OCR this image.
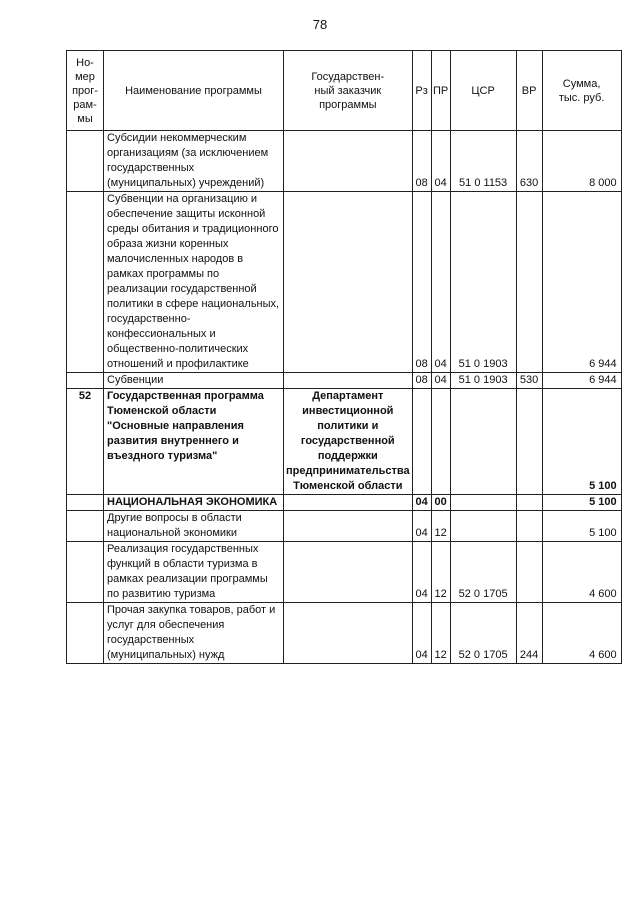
78
Но-
мер
прог-
рам-
мы	Наименование программы	Государствен-
ный заказчик
программы	Рз	ПР	ЦСР	ВР	Сумма,
тыс. руб.
	Субсидии некоммерческим организациям (за исключением государственных (муниципальных) учреждений)		08	04	51 0 1153	630	8 000
	Субвенции на организацию и обеспечение защиты исконной среды обитания и традиционного образа жизни коренных малочисленных народов в рамках программы по реализации государственной политики в сфере национальных, государственно-конфессиональных и общественно-политических отношений и профилактике		08	04	51 0 1903		6 944
	Субвенции		08	04	51 0 1903	530	6 944
52	Государственная программа Тюменской области "Основные направления развития внутреннего и въездного туризма"	Департамент инвестиционной политики и государственной поддержки предпринимательства Тюменской области					5 100
	НАЦИОНАЛЬНАЯ ЭКОНОМИКА		04	00			5 100
	Другие вопросы в области национальной экономики		04	12			5 100
	Реализация государственных функций в области туризма в рамках реализации программы по развитию туризма		04	12	52 0 1705		4 600
	Прочая закупка товаров, работ и услуг для обеспечения государственных (муниципальных) нужд		04	12	52 0 1705	244	4 600
